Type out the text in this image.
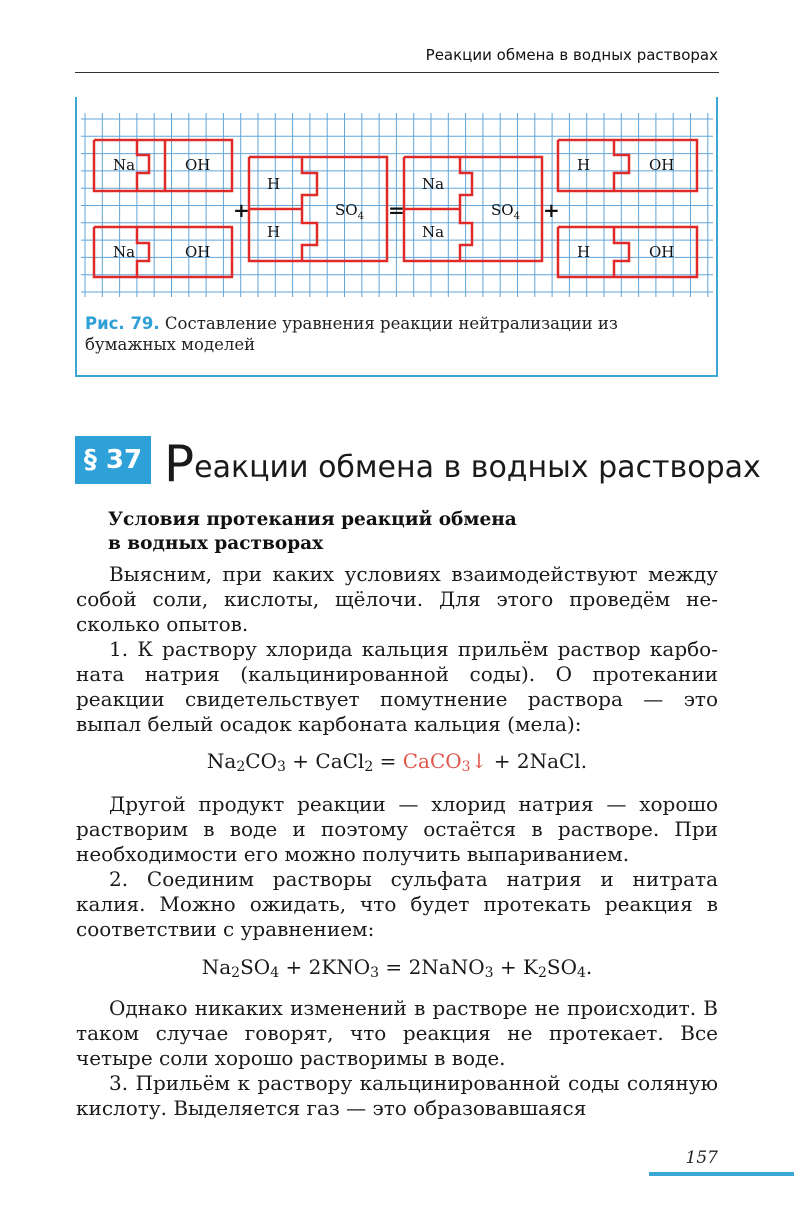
Реакции обмена в водных растворах
Na	OH
Na	OH
H
H
$SO_4$
Na
Na
$SO_4$
H	OH
H	OH
+	=	+
Рис. 79. Составление уравнения реакции нейтрализации из бумажных моделей
§ 37 Реакции обмена в водных растворах
Условия протекания реакций обмена
в водных растворах
Выясним, при каких условиях взаимодействуют между собой соли, кислоты, щёлочи. Для этого проведём несколько опытов.
1. К раствору хлорида кальция прильём раствор карбоната натрия (кальцинированной соды). О протекании реакции свидетельствует помутнение раствора — это выпал белый осадок карбоната кальция (мела):
$Na_2CO_3$ + CaCl$_2$ = CaCO$_3$↓ + 2NaCl.
Другой продукт реакции — хлорид натрия — хорошо растворим в воде и поэтому остаётся в растворе. При необходимости его можно получить выпариванием.
2. Соединим растворы сульфата натрия и нитрата калия. Можно ожидать, что будет протекать реакция в соответствии с уравнением:
$Na_2SO_4 + 2KNO_3$ = 2NaNO$_3$ + $K_2SO_4$.
Однако никаких изменений в растворе не происходит. В таком случае говорят, что реакция не протекает. Все четыре соли хорошо растворимы в воде.
3. Прильём к раствору кальцинированной соды соляную кислоту. Выделяется газ — это образовавшаяся
157
